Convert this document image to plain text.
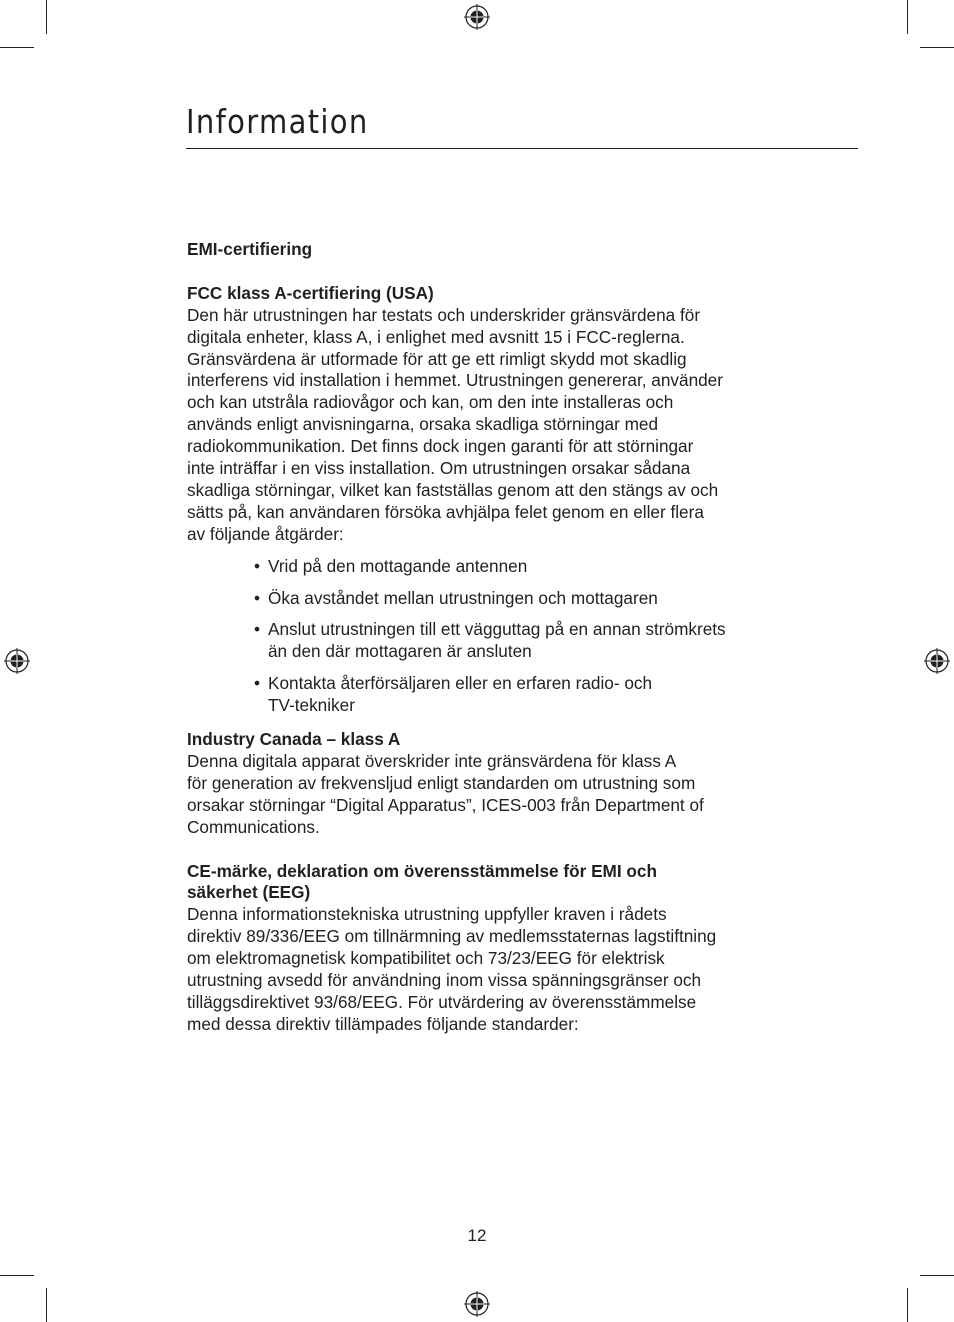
Information

EMI-certifiering

FCC klass A-certifiering (USA)

Den här utrustningen har testats och underskrider gränsvärdena för
digitala enheter, klass A, i enlighet med avsnitt 15 i FCC-reglerna.
Gränsvärdena är utformade för att ge ett rimligt skydd mot skadlig
interferens vid installation i hemmet. Utrustningen genererar, använder
och kan utstråla radiovågor och kan, om den inte installeras och
används enligt anvisningarna, orsaka skadliga störningar med
radiokommunikation. Det finns dock ingen garanti för att störningar
inte inträffar i en viss installation. Om utrustningen orsakar sådana
skadliga störningar, vilket kan fastställas genom att den stängs av och
sätts på, kan användaren försöka avhjälpa felet genom en eller flera
av följande åtgärder:

• Vrid på den mottagande antennen
• Öka avståndet mellan utrustningen och mottagaren
• Anslut utrustningen till ett vägguttag på en annan strömkrets
än den där mottagaren är ansluten
• Kontakta återförsäljaren eller en erfaren radio- och
TV-tekniker

Industry Canada – klass A

Denna digitala apparat överskrider inte gränsvärdena för klass A
för generation av frekvensljud enligt standarden om utrustning som
orsakar störningar “Digital Apparatus”, ICES-003 från Department of
Communications.

CE-märke, deklaration om överensstämmelse för EMI och
säkerhet (EEG)

Denna informationstekniska utrustning uppfyller kraven i rådets
direktiv 89/336/EEG om tillnärmning av medlemsstaternas lagstiftning
om elektromagnetisk kompatibilitet och 73/23/EEG för elektrisk
utrustning avsedd för användning inom vissa spänningsgränser och
tilläggsdirektivet 93/68/EEG. För utvärdering av överensstämmelse
med dessa direktiv tillämpades följande standarder:

12
